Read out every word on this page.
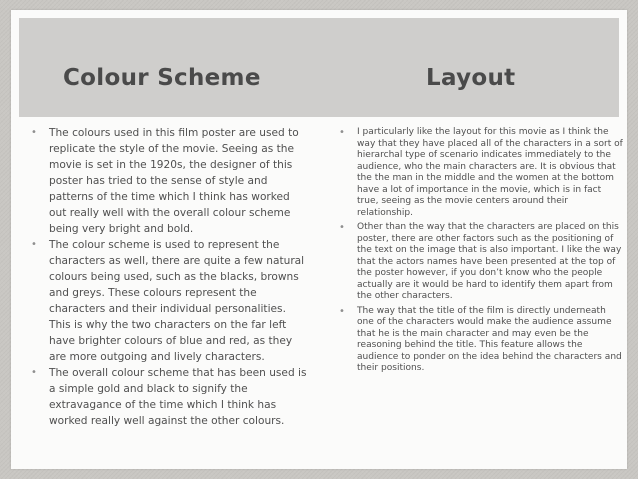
Colour Scheme	Layout
• The colours used in this film poster are used to replicate the style of the movie. Seeing as the movie is set in the 1920s, the designer of this poster has tried to the sense of style and patterns of the time which I think has worked out really well with the overall colour scheme being very bright and bold.
• The colour scheme is used to represent the characters as well, there are quite a few natural colours being used, such as the blacks, browns and greys. These colours represent the characters and their individual personalities. This is why the two characters on the far left have brighter colours of blue and red, as they are more outgoing and lively characters.
• The overall colour scheme that has been used is a simple gold and black to signify the extravagance of the time which I think has worked really well against the other colours.
• I particularly like the layout for this movie as I think the way that they have placed all of the characters in a sort of hierarchal type of scenario indicates immediately to the audience, who the main characters are. It is obvious that the the man in the middle and the women at the bottom have a lot of importance in the movie, which is in fact true, seeing as the movie centers around their relationship.
• Other than the way that the characters are placed on this poster, there are other factors such as the positioning of the text on the image that is also important. I like the way that the actors names have been presented at the top of the poster however, if you don’t know who the people actually are it would be hard to identify them apart from the other characters.
• The way that the title of the film is directly underneath one of the characters would make the audience assume that he is the main character and may even be the reasoning behind the title. This feature allows the audience to ponder on the idea behind the characters and their positions.
